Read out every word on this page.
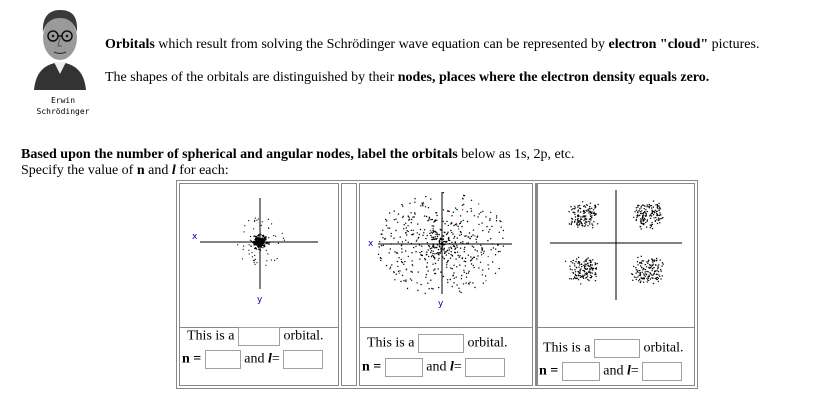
Erwin
Schrödinger
Orbitals which result from solving the Schrödinger wave equation can be represented by electron "cloud" pictures.
The shapes of the orbitals are distinguished by their nodes, places where the electron density equals zero.
Based upon the number of spherical and angular nodes, label the orbitals below as 1s, 2p, etc.
Specify the value of n and l for each:
x
y
This is a	orbital.
n =	and l=
x
y
This is a	orbital.
n =	and l=
This is a	orbital.
n =	and l=
